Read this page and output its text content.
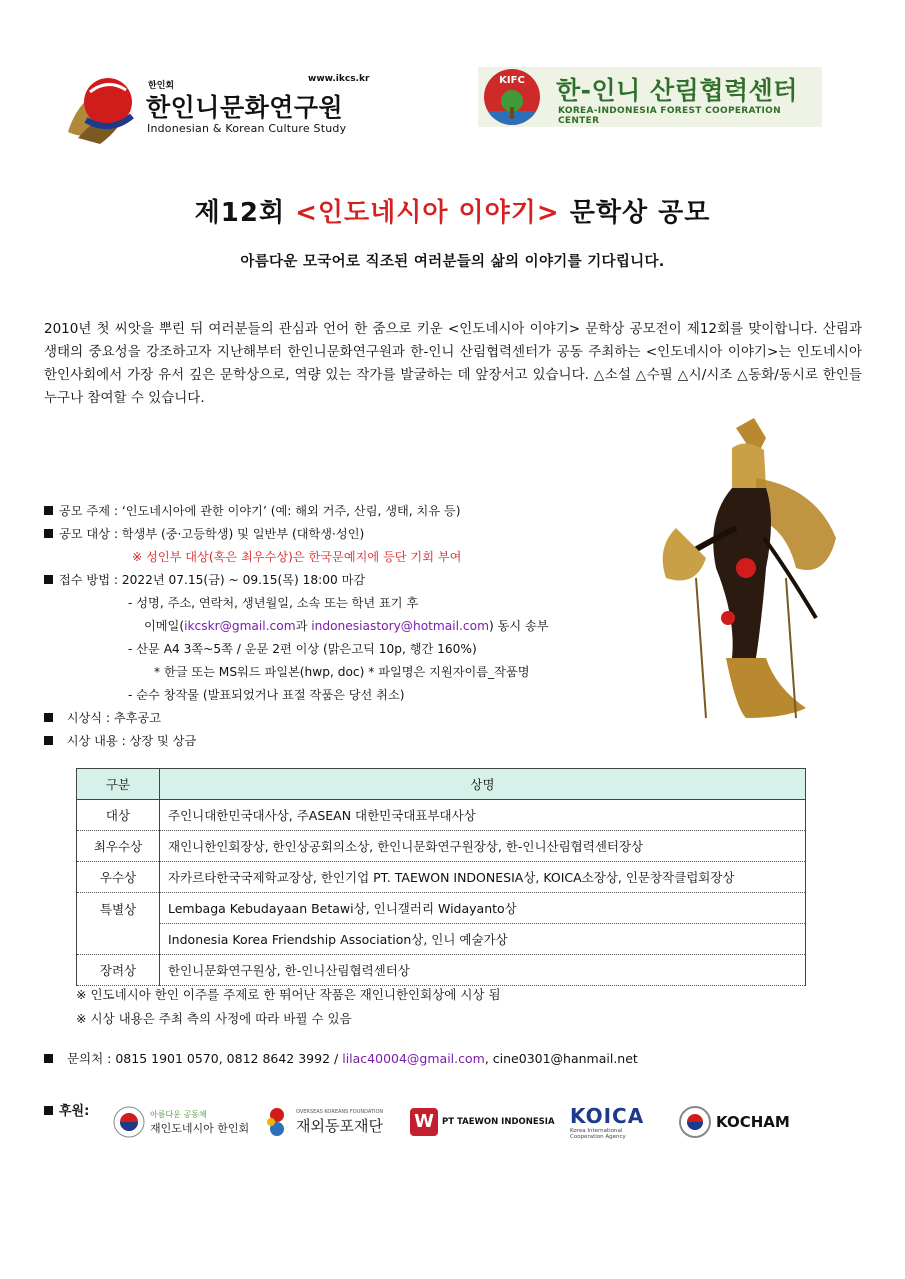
한인회
www.ikcs.kr
한인니문화연구원
Indonesian & Korean Culture Study
KIFC	한-인니 산림협력센터
KOREA-INDONESIA FOREST COOPERATION CENTER
제12회 <인도네시아 이야기> 문학상 공모
아름다운 모국어로 직조된 여러분들의 삶의 이야기를 기다립니다.
2010년 첫 씨앗을 뿌린 뒤 여러분들의 관심과 언어 한 줌으로 키운 <인도네시아 이야기> 문학상 공모전이 제12회를 맞이합니다. 산림과 생태의 중요성을 강조하고자 지난해부터 한인니문화연구원과 한-인니 산림협력센터가 공동 주최하는 <인도네시아 이야기>는 인도네시아 한인사회에서 가장 유서 깊은 문학상으로, 역량 있는 작가를 발굴하는 데 앞장서고 있습니다. △소설 △수필 △시/시조 △동화/동시로 한인들 누구나 참여할 수 있습니다.
공모 주제 : ‘인도네시아에 관한 이야기’ (예: 해외 거주, 산림, 생태, 치유 등)
공모 대상 : 학생부 (중·고등학생) 및 일반부 (대학생·성인)
※ 성인부 대상(혹은 최우수상)은 한국문예지에 등단 기회 부여
접수 방법 : 2022년 07.15(금) ~ 09.15(목) 18:00 마감
- 성명, 주소, 연락처, 생년월일, 소속 또는 학년 표기 후
이메일(ikcskr@gmail.com과 indonesiastory@hotmail.com) 동시 송부
- 산문 A4 3쪽~5쪽 / 운문 2편 이상 (맑은고딕 10p, 행간 160%)
* 한글 또는 MS워드 파일본(hwp, doc) * 파일명은 지원자이름_작품명
- 순수 창작물 (발표되었거나 표절 작품은 당선 취소)
시상식 : 추후공고
시상 내용 : 상장 및 상금
구분	상명
대상	주인니대한민국대사상, 주ASEAN 대한민국대표부대사상
최우수상	재인니한인회장상, 한인상공회의소상, 한인니문화연구원장상, 한-인니산림협력센터장상
우수상	자카르타한국국제학교장상, 한인기업 PT. TAEWON INDONESIA상, KOICA소장상, 인문창작클럽회장상
특별상	Lembaga Kebudayaan Betawi상, 인니갤러리 Widayanto상
	Indonesia Korea Friendship Association상, 인니 예술가상
장려상	한인니문화연구원상, 한-인니산림협력센터상
※ 인도네시아 한인 이주를 주제로 한 뛰어난 작품은 재인니한인회상에 시상 됨
※ 시상 내용은 주최 측의 사정에 따라 바뀔 수 있음
문의처 : 0815 1901 0570, 0812 8642 3992 / lilac40004@gmail.com, cine0301@hanmail.net
후원:	아름다운 공동체
재인도네시아 한인회
OVERSEAS KOREANS FOUNDATION
재외동포재단 W PT TAEWON INDONESIA KOICA
Korea International Cooperation Agency
KOCHAM
